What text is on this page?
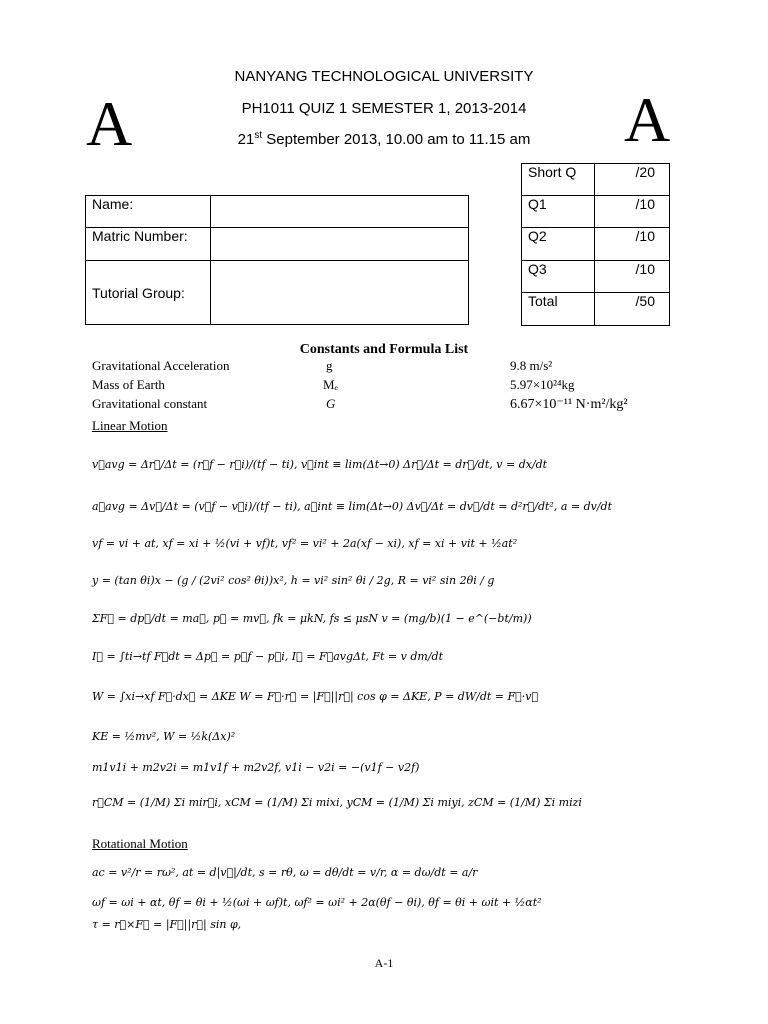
A	A
NANYANG TECHNOLOGICAL UNIVERSITY
PH1011 QUIZ 1 SEMESTER 1, 2013-2014
21st September 2013, 10.00 am to 11.15 am
Name:	
Matric Number:	
Tutorial Group:	
Short Q	/20
Q1	/10
Q2	/10
Q3	/10
Total	/50
Constants and Formula List
Gravitational Acceleration	g	9.8 m/s²
Mass of Earth	Mₑ	5.97×10²⁴kg
Gravitational constant	G	6.67×10⁻¹¹ N·m²/kg²
Linear Motion
v⃗avg = Δr⃗/Δt = (r⃗f − r⃗i)/(tf − ti), v⃗int ≡ lim(Δt→0) Δr⃗/Δt = dr⃗/dt, v = dx/dt
a⃗avg = Δv⃗/Δt = (v⃗f − v⃗i)/(tf − ti), a⃗int ≡ lim(Δt→0) Δv⃗/Δt = dv⃗/dt = d²r⃗/dt², a = dv/dt
vf = vi + at, xf = xi + ½(vi + vf)t, vf² = vi² + 2a(xf − xi), xf = xi + vit + ½at²
y = (tan θi)x − (g / (2vi² cos² θi))x², h = vi² sin² θi / 2g, R = vi² sin 2θi / g
ΣF⃗ = dp⃗/dt = ma⃗, p⃗ = mv⃗, fk = μkN, fs ≤ μsN v = (mg/b)(1 − e^(−bt/m))
I⃗ = ∫ti→tf F⃗dt = Δp⃗ = p⃗f − p⃗i, I⃗ = F⃗avgΔt, Ft = v dm/dt
W = ∫xi→xf F⃗·dx⃗ = ΔKE W = F⃗·r⃗ = |F⃗||r⃗| cos φ = ΔKE, P = dW/dt = F⃗·v⃗
KE = ½mv², W = ½k(Δx)²
m1v1i + m2v2i = m1v1f + m2v2f, v1i − v2i = −(v1f − v2f)
r⃗CM = (1/M) Σi mir⃗i, xCM = (1/M) Σi mixi, yCM = (1/M) Σi miyi, zCM = (1/M) Σi mizi
Rotational Motion
ac = v²/r = rω², at = d|v⃗|/dt, s = rθ, ω = dθ/dt = v/r, α = dω/dt = a/r
ωf = ωi + αt, θf = θi + ½(ωi + ωf)t, ωf² = ωi² + 2α(θf − θi), θf = θi + ωit + ½αt²
τ = r⃗×F⃗ = |F⃗||r⃗| sin φ,
A-1
